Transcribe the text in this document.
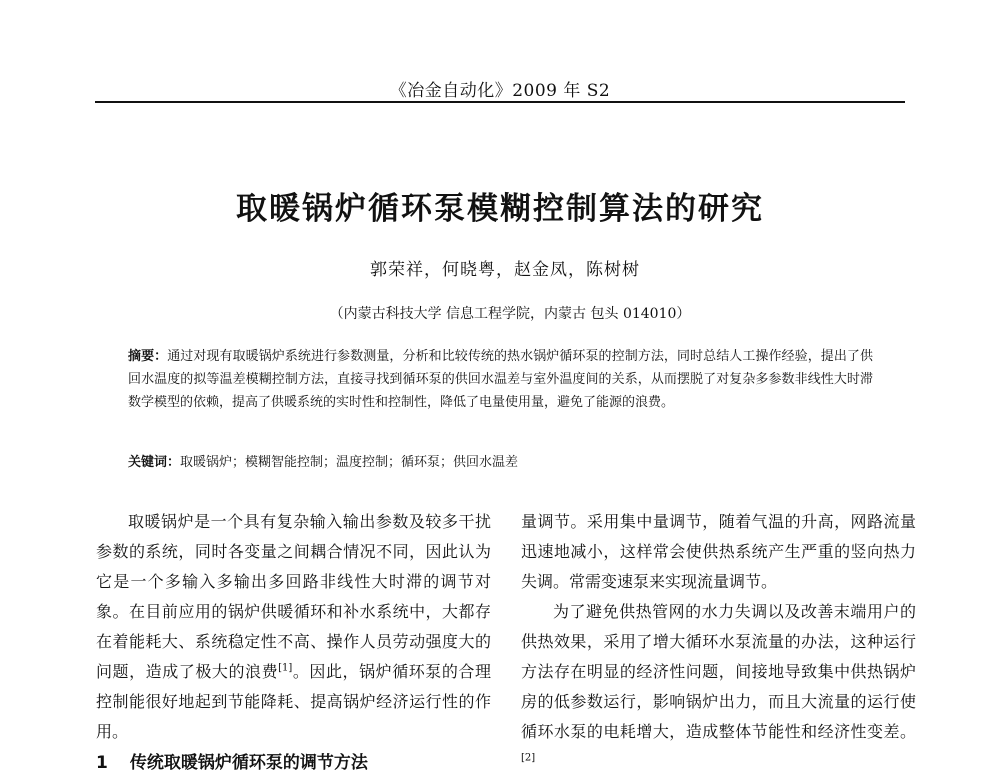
《冶金自动化》2009 年 S2
取暖锅炉循环泵模糊控制算法的研究
郭荣祥，何晓粤，赵金凤，陈树树
（内蒙古科技大学 信息工程学院，内蒙古 包头 014010）
摘要：通过对现有取暖锅炉系统进行参数测量，分析和比较传统的热水锅炉循环泵的控制方法，同时总结人工操作经验，提出了供回水温度的拟等温差模糊控制方法，直接寻找到循环泵的供回水温差与室外温度间的关系，从而摆脱了对复杂多参数非线性大时滞数学模型的依赖，提高了供暖系统的实时性和控制性，降低了电量使用量，避免了能源的浪费。
关键词：取暖锅炉；模糊智能控制；温度控制；循环泵；供回水温差

取暖锅炉是一个具有复杂输入输出参数及较多干扰参数的系统，同时各变量之间耦合情况不同，因此认为它是一个多输入多输出多回路非线性大时滞的调节对象。在目前应用的锅炉供暖循环和补水系统中，大都存在着能耗大、系统稳定性不高、操作人员劳动强度大的问题，造成了极大的浪费[1]。因此，锅炉循环泵的合理控制能很好地起到节能降耗、提高锅炉经济运行性的作用。

1 传统取暖锅炉循环泵的调节方法

量调节。采用集中量调节，随着气温的升高，网路流量迅速地减小，这样常会使供热系统产生严重的竖向热力失调。常需变速泵来实现流量调节。

为了避免供热管网的水力失调以及改善末端用户的供热效果，采用了增大循环水泵流量的办法，这种运行方法存在明显的经济性问题，间接地导致集中供热锅炉房的低参数运行，影响锅炉出力，而且大流量的运行使循环水泵的电耗增大，造成整体节能性和经济性变差。[2]
